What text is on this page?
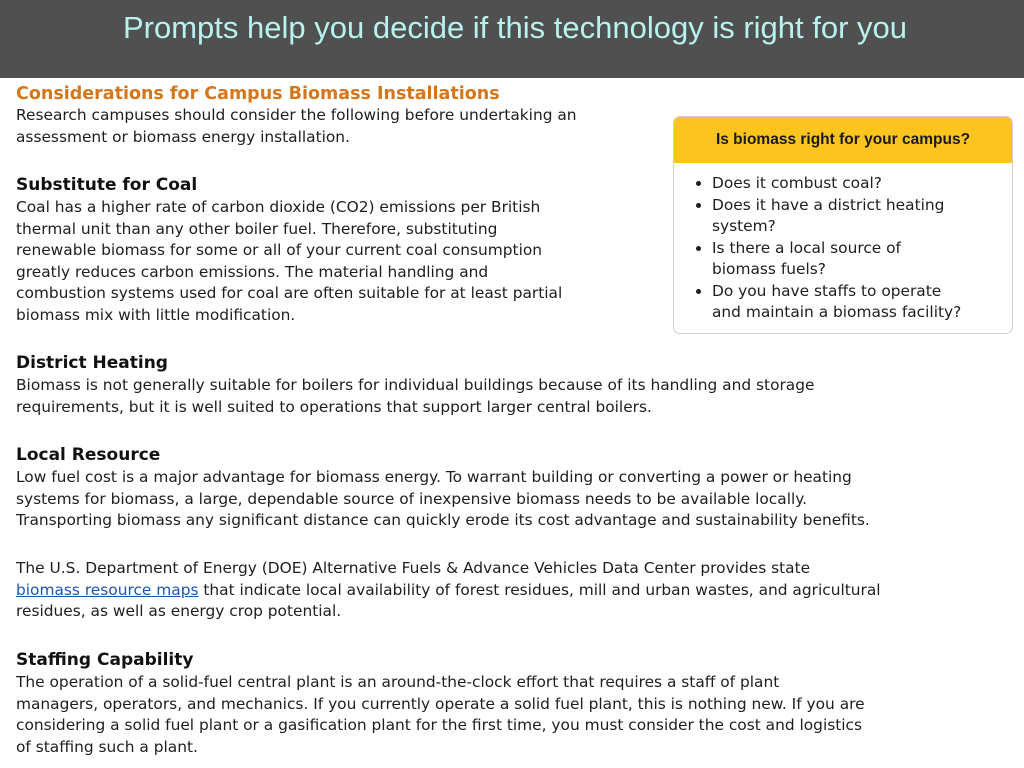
Prompts help you decide if this technology is right for you
Considerations for Campus Biomass Installations

Research campuses should consider the following before undertaking an
assessment or biomass energy installation.

Substitute for Coal

Coal has a higher rate of carbon dioxide (CO2) emissions per British
thermal unit than any other boiler fuel. Therefore, substituting
renewable biomass for some or all of your current coal consumption
greatly reduces carbon emissions. The material handling and
combustion systems used for coal are often suitable for at least partial
biomass mix with little modification.

District Heating

Biomass is not generally suitable for boilers for individual buildings because of its handling and storage
requirements, but it is well suited to operations that support larger central boilers.

Local Resource

Low fuel cost is a major advantage for biomass energy. To warrant building or converting a power or heating
systems for biomass, a large, dependable source of inexpensive biomass needs to be available locally.
Transporting biomass any significant distance can quickly erode its cost advantage and sustainability benefits.

The U.S. Department of Energy (DOE) Alternative Fuels & Advance Vehicles Data Center provides state
biomass resource maps that indicate local availability of forest residues, mill and urban wastes, and agricultural
residues, as well as energy crop potential.

Staffing Capability

The operation of a solid-fuel central plant is an around-the-clock effort that requires a staff of plant
managers, operators, and mechanics. If you currently operate a solid fuel plant, this is nothing new. If you are
considering a solid fuel plant or a gasification plant for the first time, you must consider the cost and logistics
of staffing such a plant.

Is biomass right for your campus?
• Does it combust coal?
• Does it have a district heating
system?
• Is there a local source of
biomass fuels?
• Do you have staffs to operate
and maintain a biomass facility?
